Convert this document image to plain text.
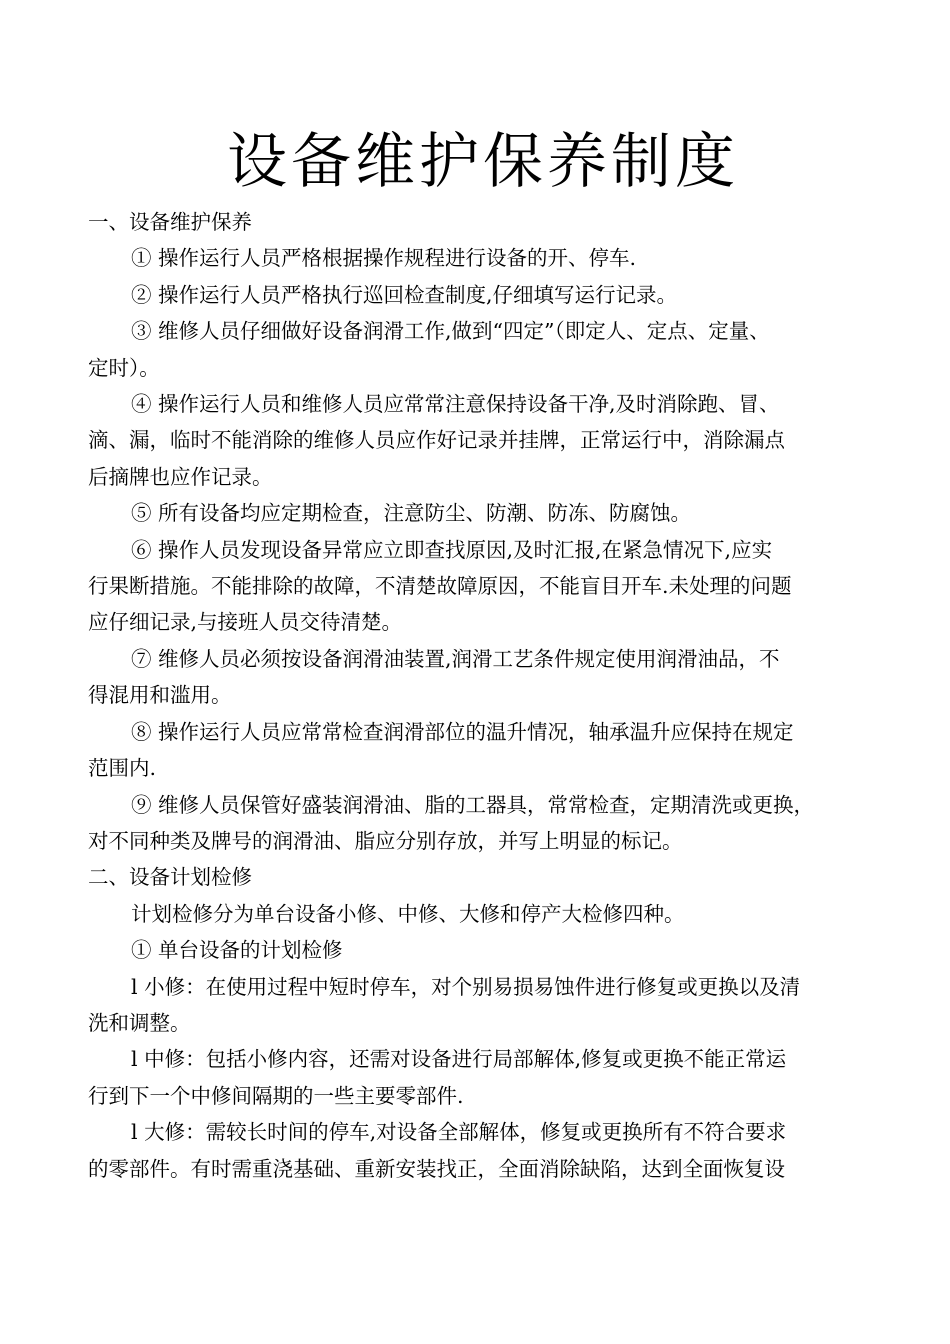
设备维护保养制度

一、设备维护保养

① 操作运行人员严格根据操作规程进行设备的开、停车.

② 操作运行人员严格执行巡回检查制度,仔细填写运行记录。

③ 维修人员仔细做好设备润滑工作,做到“四定”（即定人、定点、定量、

定时）。

④ 操作运行人员和维修人员应常常注意保持设备干净,及时消除跑、冒、

滴、漏，临时不能消除的维修人员应作好记录并挂牌，正常运行中，消除漏点

后摘牌也应作记录。

⑤ 所有设备均应定期检查，注意防尘、防潮、防冻、防腐蚀。

⑥ 操作人员发现设备异常应立即查找原因,及时汇报,在紧急情况下,应实

行果断措施。不能排除的故障，不清楚故障原因，不能盲目开车.未处理的问题

应仔细记录,与接班人员交待清楚。

⑦ 维修人员必须按设备润滑油装置,润滑工艺条件规定使用润滑油品，不

得混用和滥用。

⑧ 操作运行人员应常常检查润滑部位的温升情况，轴承温升应保持在规定

范围内.

⑨ 维修人员保管好盛装润滑油、脂的工器具，常常检查，定期清洗或更换，

对不同种类及牌号的润滑油、脂应分别存放，并写上明显的标记。

二、设备计划检修

计划检修分为单台设备小修、中修、大修和停产大检修四种。

① 单台设备的计划检修

l 小修：在使用过程中短时停车，对个别易损易蚀件进行修复或更换以及清

洗和调整。

l 中修：包括小修内容，还需对设备进行局部解体,修复或更换不能正常运

行到下一个中修间隔期的一些主要零部件.

l 大修：需较长时间的停车,对设备全部解体，修复或更换所有不符合要求

的零部件。有时需重浇基础、重新安装找正，全面消除缺陷，达到全面恢复设
